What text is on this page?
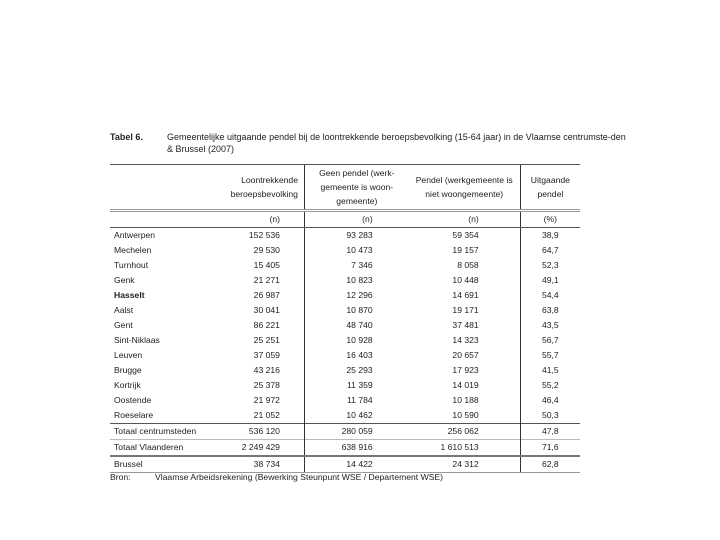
Tabel 6.	Gemeentelijke uitgaande pendel bij de loontrekkende beroepsbevolking (15-64 jaar) in de Vlaamse centrumste-den & Brussel (2007)
	Loontrekkende beroepsbevolking	Geen pendel (werk-gemeente is woon-gemeente)	Pendel (werkgemeente is niet woongemeente)	Uitgaande pendel
	(n)	(n)	(n)	(%)
Antwerpen	152 536	93 283	59 354	38,9
Mechelen	29 530	10 473	19 157	64,7
Turnhout	15 405	7 346	8 058	52,3
Genk	21 271	10 823	10 448	49,1
Hasselt	26 987	12 296	14 691	54,4
Aalst	30 041	10 870	19 171	63,8
Gent	86 221	48 740	37 481	43,5
Sint-Niklaas	25 251	10 928	14 323	56,7
Leuven	37 059	16 403	20 657	55,7
Brugge	43 216	25 293	17 923	41,5
Kortrijk	25 378	11 359	14 019	55,2
Oostende	21 972	11 784	10 188	46,4
Roeselare	21 052	10 462	10 590	50,3
Totaal centrumsteden	536 120	280 059	256 062	47,8
Totaal Vlaanderen	2 249 429	638 916	1 610 513	71,6
Brussel	38 734	14 422	24 312	62,8
Bron:	Vlaamse Arbeidsrekening (Bewerking Steunpunt WSE / Departement WSE)
